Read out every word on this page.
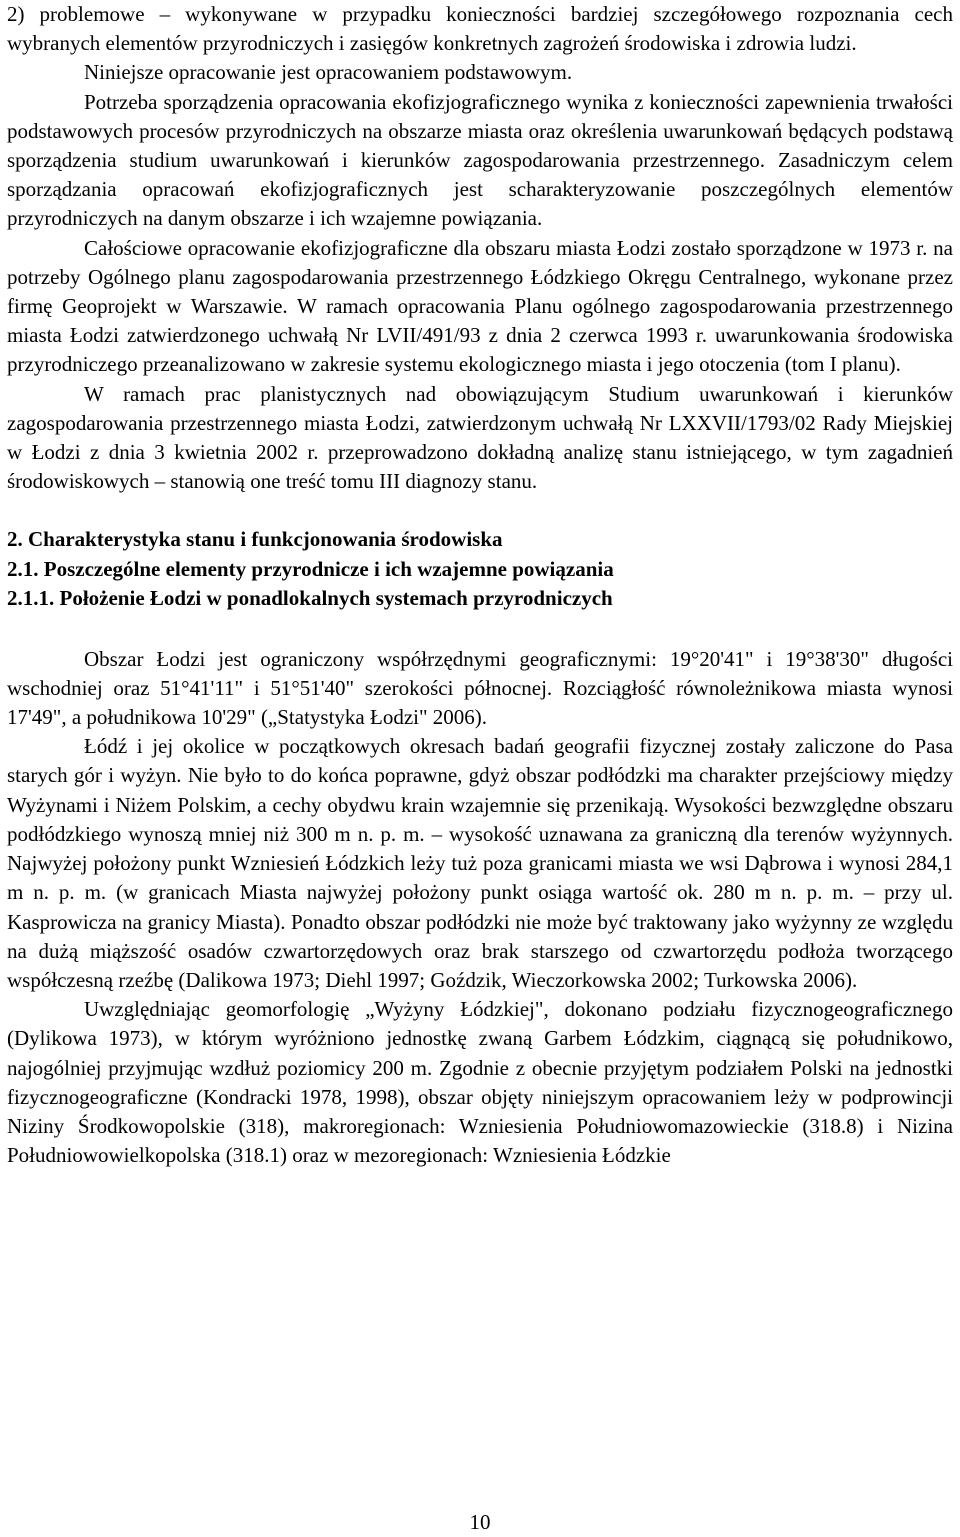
2) problemowe – wykonywane w przypadku konieczności bardziej szczegółowego rozpoznania cech wybranych elementów przyrodniczych i zasięgów konkretnych zagrożeń środowiska i zdrowia ludzi.

Niniejsze opracowanie jest opracowaniem podstawowym.

Potrzeba sporządzenia opracowania ekofizjograficznego wynika z konieczności zapewnienia trwałości podstawowych procesów przyrodniczych na obszarze miasta oraz określenia uwarunkowań będących podstawą sporządzenia studium uwarunkowań i kierunków zagospodarowania przestrzennego. Zasadniczym celem sporządzania opracowań ekofizjograficznych jest scharakteryzowanie poszczególnych elementów przyrodniczych na danym obszarze i ich wzajemne powiązania.

Całościowe opracowanie ekofizjograficzne dla obszaru miasta Łodzi zostało sporządzone w 1973 r. na potrzeby Ogólnego planu zagospodarowania przestrzennego Łódzkiego Okręgu Centralnego, wykonane przez firmę Geoprojekt w Warszawie. W ramach opracowania Planu ogólnego zagospodarowania przestrzennego miasta Łodzi zatwierdzonego uchwałą Nr LVII/491/93 z dnia 2 czerwca 1993 r. uwarunkowania środowiska przyrodniczego przeanalizowano w zakresie systemu ekologicznego miasta i jego otoczenia (tom I planu).

W ramach prac planistycznych nad obowiązującym Studium uwarunkowań i kierunków zagospodarowania przestrzennego miasta Łodzi, zatwierdzonym uchwałą Nr LXXVII/1793/02 Rady Miejskiej w Łodzi z dnia 3 kwietnia 2002 r. przeprowadzono dokładną analizę stanu istniejącego, w tym zagadnień środowiskowych – stanowią one treść tomu III diagnozy stanu.

2. Charakterystyka stanu i funkcjonowania środowiska

2.1. Poszczególne elementy przyrodnicze i ich wzajemne powiązania

2.1.1. Położenie Łodzi w ponadlokalnych systemach przyrodniczych

Obszar Łodzi jest ograniczony współrzędnymi geograficznymi: 19°20'41" i 19°38'30" długości wschodniej oraz 51°41'11" i 51°51'40" szerokości północnej. Rozciągłość równoleżnikowa miasta wynosi 17'49", a południkowa 10'29" („Statystyka Łodzi" 2006).

Łódź i jej okolice w początkowych okresach badań geografii fizycznej zostały zaliczone do Pasa starych gór i wyżyn. Nie było to do końca poprawne, gdyż obszar podłódzki ma charakter przejściowy między Wyżynami i Niżem Polskim, a cechy obydwu krain wzajemnie się przenikają. Wysokości bezwzględne obszaru podłódzkiego wynoszą mniej niż 300 m n. p. m. – wysokość uznawana za graniczną dla terenów wyżynnych. Najwyżej położony punkt Wzniesień Łódzkich leży tuż poza granicami miasta we wsi Dąbrowa i wynosi 284,1 m n. p. m. (w granicach Miasta najwyżej położony punkt osiąga wartość ok. 280 m n. p. m. – przy ul. Kasprowicza na granicy Miasta). Ponadto obszar podłódzki nie może być traktowany jako wyżynny ze względu na dużą miąższość osadów czwartorzędowych oraz brak starszego od czwartorzędu podłoża tworzącego współczesną rzeźbę (Dalikowa 1973; Diehl 1997; Goździk, Wieczorkowska 2002; Turkowska 2006).

Uwzględniając geomorfologię „Wyżyny Łódzkiej", dokonano podziału fizycznogeograficznego (Dylikowa 1973), w którym wyróżniono jednostkę zwaną Garbem Łódzkim, ciągnącą się południkowo, najogólniej przyjmując wzdłuż poziomicy 200 m. Zgodnie z obecnie przyjętym podziałem Polski na jednostki fizycznogeograficzne (Kondracki 1978, 1998), obszar objęty niniejszym opracowaniem leży w podprowincji Niziny Środkowopolskie (318), makroregionach: Wzniesienia Południowomazowieckie (318.8) i Nizina Południowowielkopolska (318.1) oraz w mezoregionach: Wzniesienia Łódzkie

10
